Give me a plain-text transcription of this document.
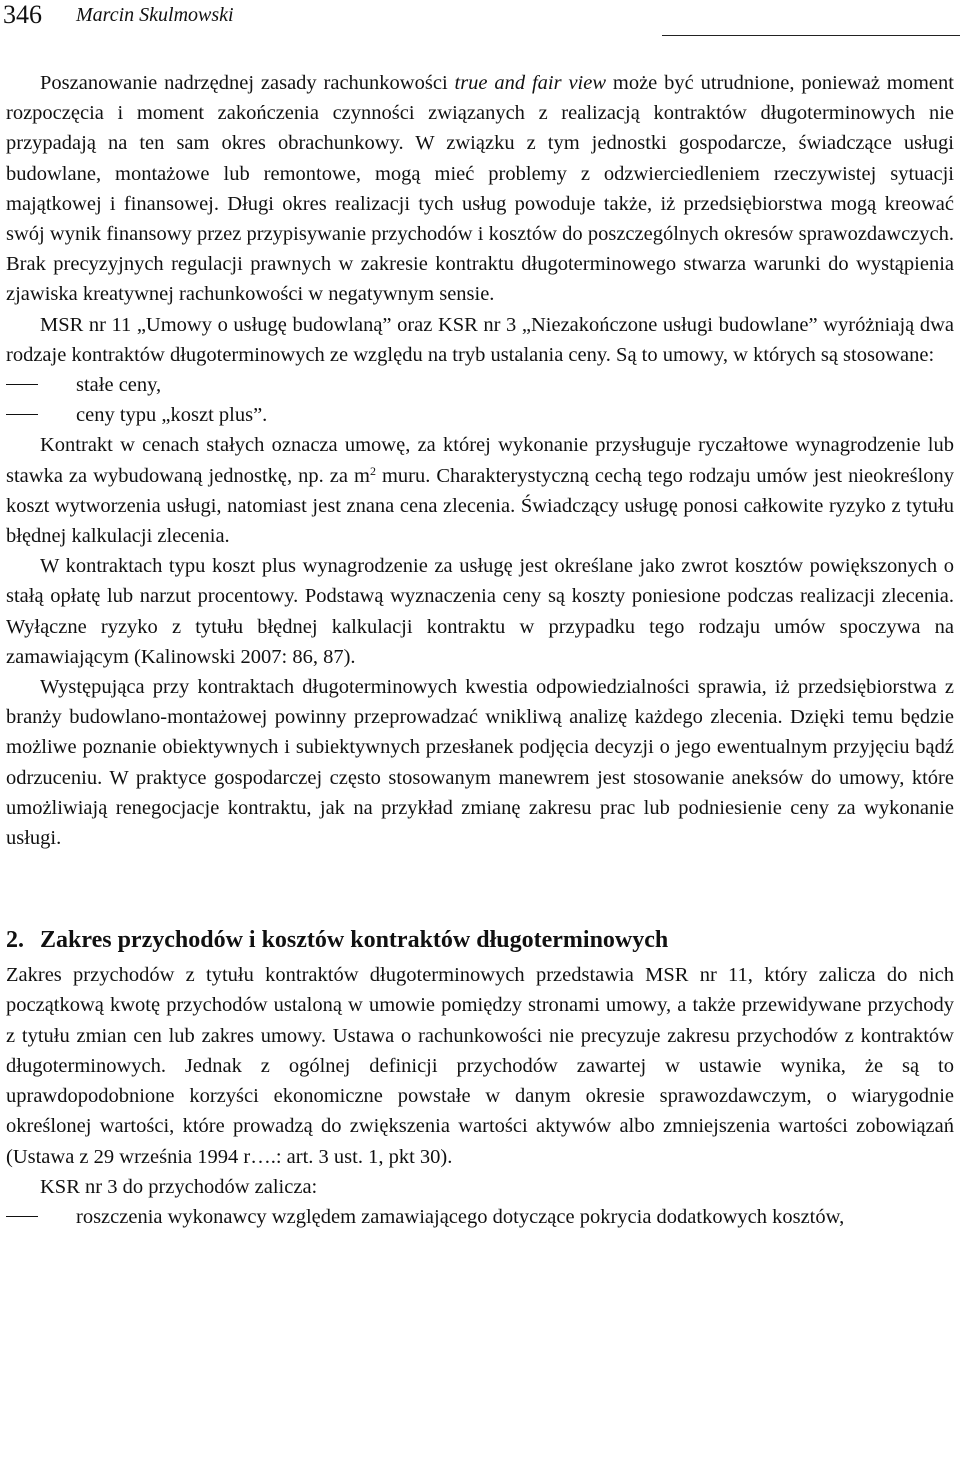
346 Marcin Skulmowski

Poszanowanie nadrzędnej zasady rachunkowości true and fair view może być utrudnione, ponieważ moment rozpoczęcia i moment zakończenia czynności związanych z realizacją kontraktów długoterminowych nie przypadają na ten sam okres obrachunkowy. W związku z tym jednostki gospodarcze, świadczące usługi budowlane, montażowe lub remontowe, mogą mieć problemy z odzwierciedleniem rzeczywistej sytuacji majątkowej i finansowej. Długi okres realizacji tych usług powoduje także, iż przedsiębiorstwa mogą kreować swój wynik finansowy przez przypisywanie przychodów i kosztów do poszczególnych okresów sprawozdawczych. Brak precyzyjnych regulacji prawnych w zakresie kontraktu długoterminowego stwarza warunki do wystąpienia zjawiska kreatywnej rachunkowości w negatywnym sensie.

MSR nr 11 „Umowy o usługę budowlaną” oraz KSR nr 3 „Niezakończone usługi budowlane” wyróżniają dwa rodzaje kontraktów długoterminowych ze względu na tryb ustalania ceny. Są to umowy, w których są stosowane:

stałe ceny,
ceny typu „koszt plus”.

Kontrakt w cenach stałych oznacza umowę, za której wykonanie przysługuje ryczałtowe wynagrodzenie lub stawka za wybudowaną jednostkę, np. za $m^2$ muru. Charakterystyczną cechą tego rodzaju umów jest nieokreślony koszt wytworzenia usługi, natomiast jest znana cena zlecenia. Świadczący usługę ponosi całkowite ryzyko z tytułu błędnej kalkulacji zlecenia.

W kontraktach typu koszt plus wynagrodzenie za usługę jest określane jako zwrot kosztów powiększonych o stałą opłatę lub narzut procentowy. Podstawą wyznaczenia ceny są koszty poniesione podczas realizacji zlecenia. Wyłączne ryzyko z tytułu błędnej kalkulacji kontraktu w przypadku tego rodzaju umów spoczywa na zamawiającym (Kalinowski 2007: 86, 87).

Występująca przy kontraktach długoterminowych kwestia odpowiedzialności sprawia, iż przedsiębiorstwa z branży budowlano-montażowej powinny przeprowadzać wnikliwą analizę każdego zlecenia. Dzięki temu będzie możliwe poznanie obiektywnych i subiektywnych przesłanek podjęcia decyzji o jego ewentualnym przyjęciu bądź odrzuceniu. W praktyce gospodarczej często stosowanym manewrem jest stosowanie aneksów do umowy, które umożliwiają renegocjacje kontraktu, jak na przykład zmianę zakresu prac lub podniesienie ceny za wykonanie usługi.

2. Zakres przychodów i kosztów kontraktów długoterminowych

Zakres przychodów z tytułu kontraktów długoterminowych przedstawia MSR nr 11, który zalicza do nich początkową kwotę przychodów ustaloną w umowie pomiędzy stronami umowy, a także przewidywane przychody z tytułu zmian cen lub zakres umowy. Ustawa o rachunkowości nie precyzuje zakresu przychodów z kontraktów długoterminowych. Jednak z ogólnej definicji przychodów zawartej w ustawie wynika, że są to uprawdopodobnione korzyści ekonomiczne powstałe w danym okresie sprawozdawczym, o wiarygodnie określonej wartości, które prowadzą do zwiększenia wartości aktywów albo zmniejszenia wartości zobowiązań (Ustawa z 29 września 1994 r….: art. 3 ust. 1, pkt 30).

KSR nr 3 do przychodów zalicza:

roszczenia wykonawcy względem zamawiającego dotyczące pokrycia dodatkowych kosztów,
